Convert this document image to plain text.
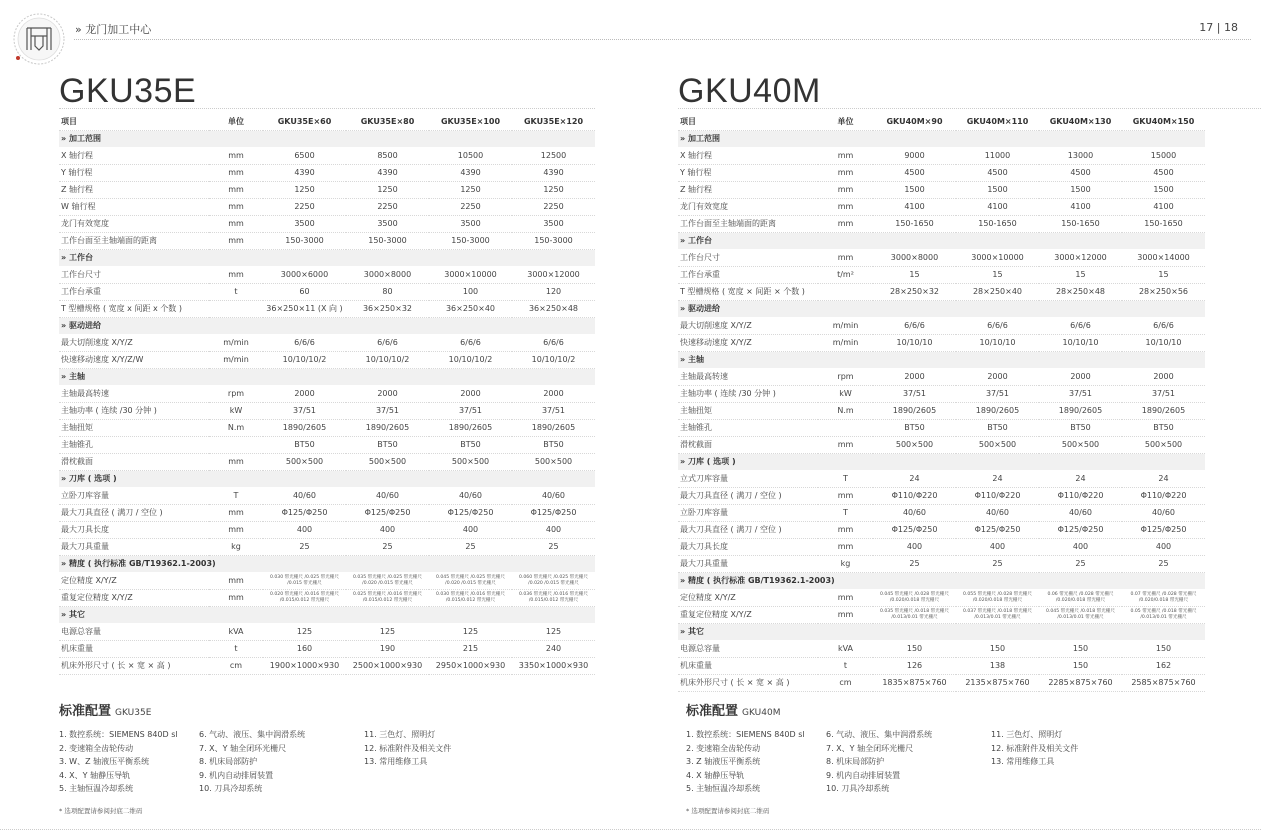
» 龙门加工中心	17 | 18
GKU35E
项目	单位	GKU35E×60	GKU35E×80	GKU35E×100	GKU35E×120
» 加工范围					
X 轴行程	mm	6500	8500	10500	12500
Y 轴行程	mm	4390	4390	4390	4390
Z 轴行程	mm	1250	1250	1250	1250
W 轴行程	mm	2250	2250	2250	2250
龙门有效宽度	mm	3500	3500	3500	3500
工作台面至主轴端面的距离	mm	150-3000	150-3000	150-3000	150-3000
» 工作台					
工作台尺寸	mm	3000×6000	3000×8000	3000×10000	3000×12000
工作台承重	t	60	80	100	120
T 型槽规格 ( 宽度 x 间距 x 个数 )		36×250×11 (X 向 )	36×250×32	36×250×40	36×250×48
» 驱动进给					
最大切削速度 X/Y/Z	m/min	6/6/6	6/6/6	6/6/6	6/6/6
快速移动速度 X/Y/Z/W	m/min	10/10/10/2	10/10/10/2	10/10/10/2	10/10/10/2
» 主轴					
主轴最高转速	rpm	2000	2000	2000	2000
主轴功率 ( 连续 /30 分钟 )	kW	37/51	37/51	37/51	37/51
主轴扭矩	N.m	1890/2605	1890/2605	1890/2605	1890/2605
主轴锥孔		BT50	BT50	BT50	BT50
滑枕截面	mm	500×500	500×500	500×500	500×500
» 刀库 ( 选项 )					
立卧刀库容量	T	40/60	40/60	40/60	40/60
最大刀具直径 ( 满刀 / 空位 )	mm	Φ125/Φ250	Φ125/Φ250	Φ125/Φ250	Φ125/Φ250
最大刀具长度	mm	400	400	400	400
最大刀具重量	kg	25	25	25	25
» 精度 ( 执行标准 GB/T19362.1-2003)					
定位精度 X/Y/Z	mm	0.030 带光栅尺 /0.025 带光栅尺 /0.015 带光栅尺	0.035 带光栅尺 /0.025 带光栅尺 /0.020 /0.015 带光栅尺	0.045 带光栅尺 /0.025 带光栅尺 /0.020 /0.015 带光栅尺	0.060 带光栅尺 /0.025 带光栅尺 /0.020 /0.015 带光栅尺
重复定位精度 X/Y/Z	mm	0.020 带光栅尺 /0.016 带光栅尺 /0.015/0.012 带光栅尺	0.025 带光栅尺 /0.016 带光栅尺 /0.015/0.012 带光栅尺	0.030 带光栅尺 /0.016 带光栅尺 /0.015/0.012 带光栅尺	0.036 带光栅尺 /0.016 带光栅尺 /0.015/0.012 带光栅尺
» 其它					
电源总容量	kVA	125	125	125	125
机床重量	t	160	190	215	240
机床外形尺寸 ( 长 × 宽 × 高 )	cm	1900×1000×930	2500×1000×930	2950×1000×930	3350×1000×930
GKU40M
项目	单位	GKU40M×90	GKU40M×110	GKU40M×130	GKU40M×150
» 加工范围					
X 轴行程	mm	9000	11000	13000	15000
Y 轴行程	mm	4500	4500	4500	4500
Z 轴行程	mm	1500	1500	1500	1500
龙门有效宽度	mm	4100	4100	4100	4100
工作台面至主轴端面的距离	mm	150-1650	150-1650	150-1650	150-1650
» 工作台					
工作台尺寸	mm	3000×8000	3000×10000	3000×12000	3000×14000
工作台承重	t/m²	15	15	15	15
T 型槽规格 ( 宽度 × 间距 × 个数 )		28×250×32	28×250×40	28×250×48	28×250×56
» 驱动进给					
最大切削速度 X/Y/Z	m/min	6/6/6	6/6/6	6/6/6	6/6/6
快速移动速度 X/Y/Z	m/min	10/10/10	10/10/10	10/10/10	10/10/10
» 主轴					
主轴最高转速	rpm	2000	2000	2000	2000
主轴功率 ( 连续 /30 分钟 )	kW	37/51	37/51	37/51	37/51
主轴扭矩	N.m	1890/2605	1890/2605	1890/2605	1890/2605
主轴锥孔		BT50	BT50	BT50	BT50
滑枕截面	mm	500×500	500×500	500×500	500×500
» 刀库 ( 选项 )					
立式刀库容量	T	24	24	24	24
最大刀具直径 ( 满刀 / 空位 )	mm	Φ110/Φ220	Φ110/Φ220	Φ110/Φ220	Φ110/Φ220
立卧刀库容量	T	40/60	40/60	40/60	40/60
最大刀具直径 ( 满刀 / 空位 )	mm	Φ125/Φ250	Φ125/Φ250	Φ125/Φ250	Φ125/Φ250
最大刀具长度	mm	400	400	400	400
最大刀具重量	kg	25	25	25	25
» 精度 ( 执行标准 GB/T19362.1-2003)					
定位精度 X/Y/Z	mm	0.045 带光栅尺 /0.028 带光栅尺 /0.020/0.018 带光栅尺	0.055 带光栅尺 /0.028 带光栅尺 /0.020/0.018 带光栅尺	0.06 带光栅尺 /0.028 带光栅尺 /0.020/0.018 带光栅尺	0.07 带光栅尺 /0.028 带光栅尺 /0.020/0.018 带光栅尺
重复定位精度 X/Y/Z	mm	0.035 带光栅尺 /0.018 带光栅尺 /0.013/0.01 带光栅尺	0.037 带光栅尺 /0.018 带光栅尺 /0.013/0.01 带光栅尺	0.045 带光栅尺 /0.018 带光栅尺 /0.013/0.01 带光栅尺	0.05 带光栅尺 /0.018 带光栅尺 /0.013/0.01 带光栅尺
» 其它					
电源总容量	kVA	150	150	150	150
机床重量	t	126	138	150	162
机床外形尺寸 ( 长 × 宽 × 高 )	cm	1835×875×760	2135×875×760	2285×875×760	2585×875×760
标准配置 GKU35E
1. 数控系统：SIEMENS 840D sl
2. 变速箱全齿轮传动
3. W、Z 轴液压平衡系统
4. X、Y 轴静压导轨
5. 主轴恒温冷却系统
6. 气动、液压、集中润滑系统
7. X、Y 轴全闭环光栅尺
8. 机床局部防护
9. 机内自动排屑装置
10. 刀具冷却系统
11. 三色灯、照明灯
12. 标准附件及相关文件
13. 常用维修工具
* 选项配置请参阅封底二维码
标准配置 GKU40M
1. 数控系统：SIEMENS 840D sl
2. 变速箱全齿轮传动
3. Z 轴液压平衡系统
4. X 轴静压导轨
5. 主轴恒温冷却系统
6. 气动、液压、集中润滑系统
7. X、Y 轴全闭环光栅尺
8. 机床局部防护
9. 机内自动排屑装置
10. 刀具冷却系统
11. 三色灯、照明灯
12. 标准附件及相关文件
13. 常用维修工具
* 选项配置请参阅封底二维码
